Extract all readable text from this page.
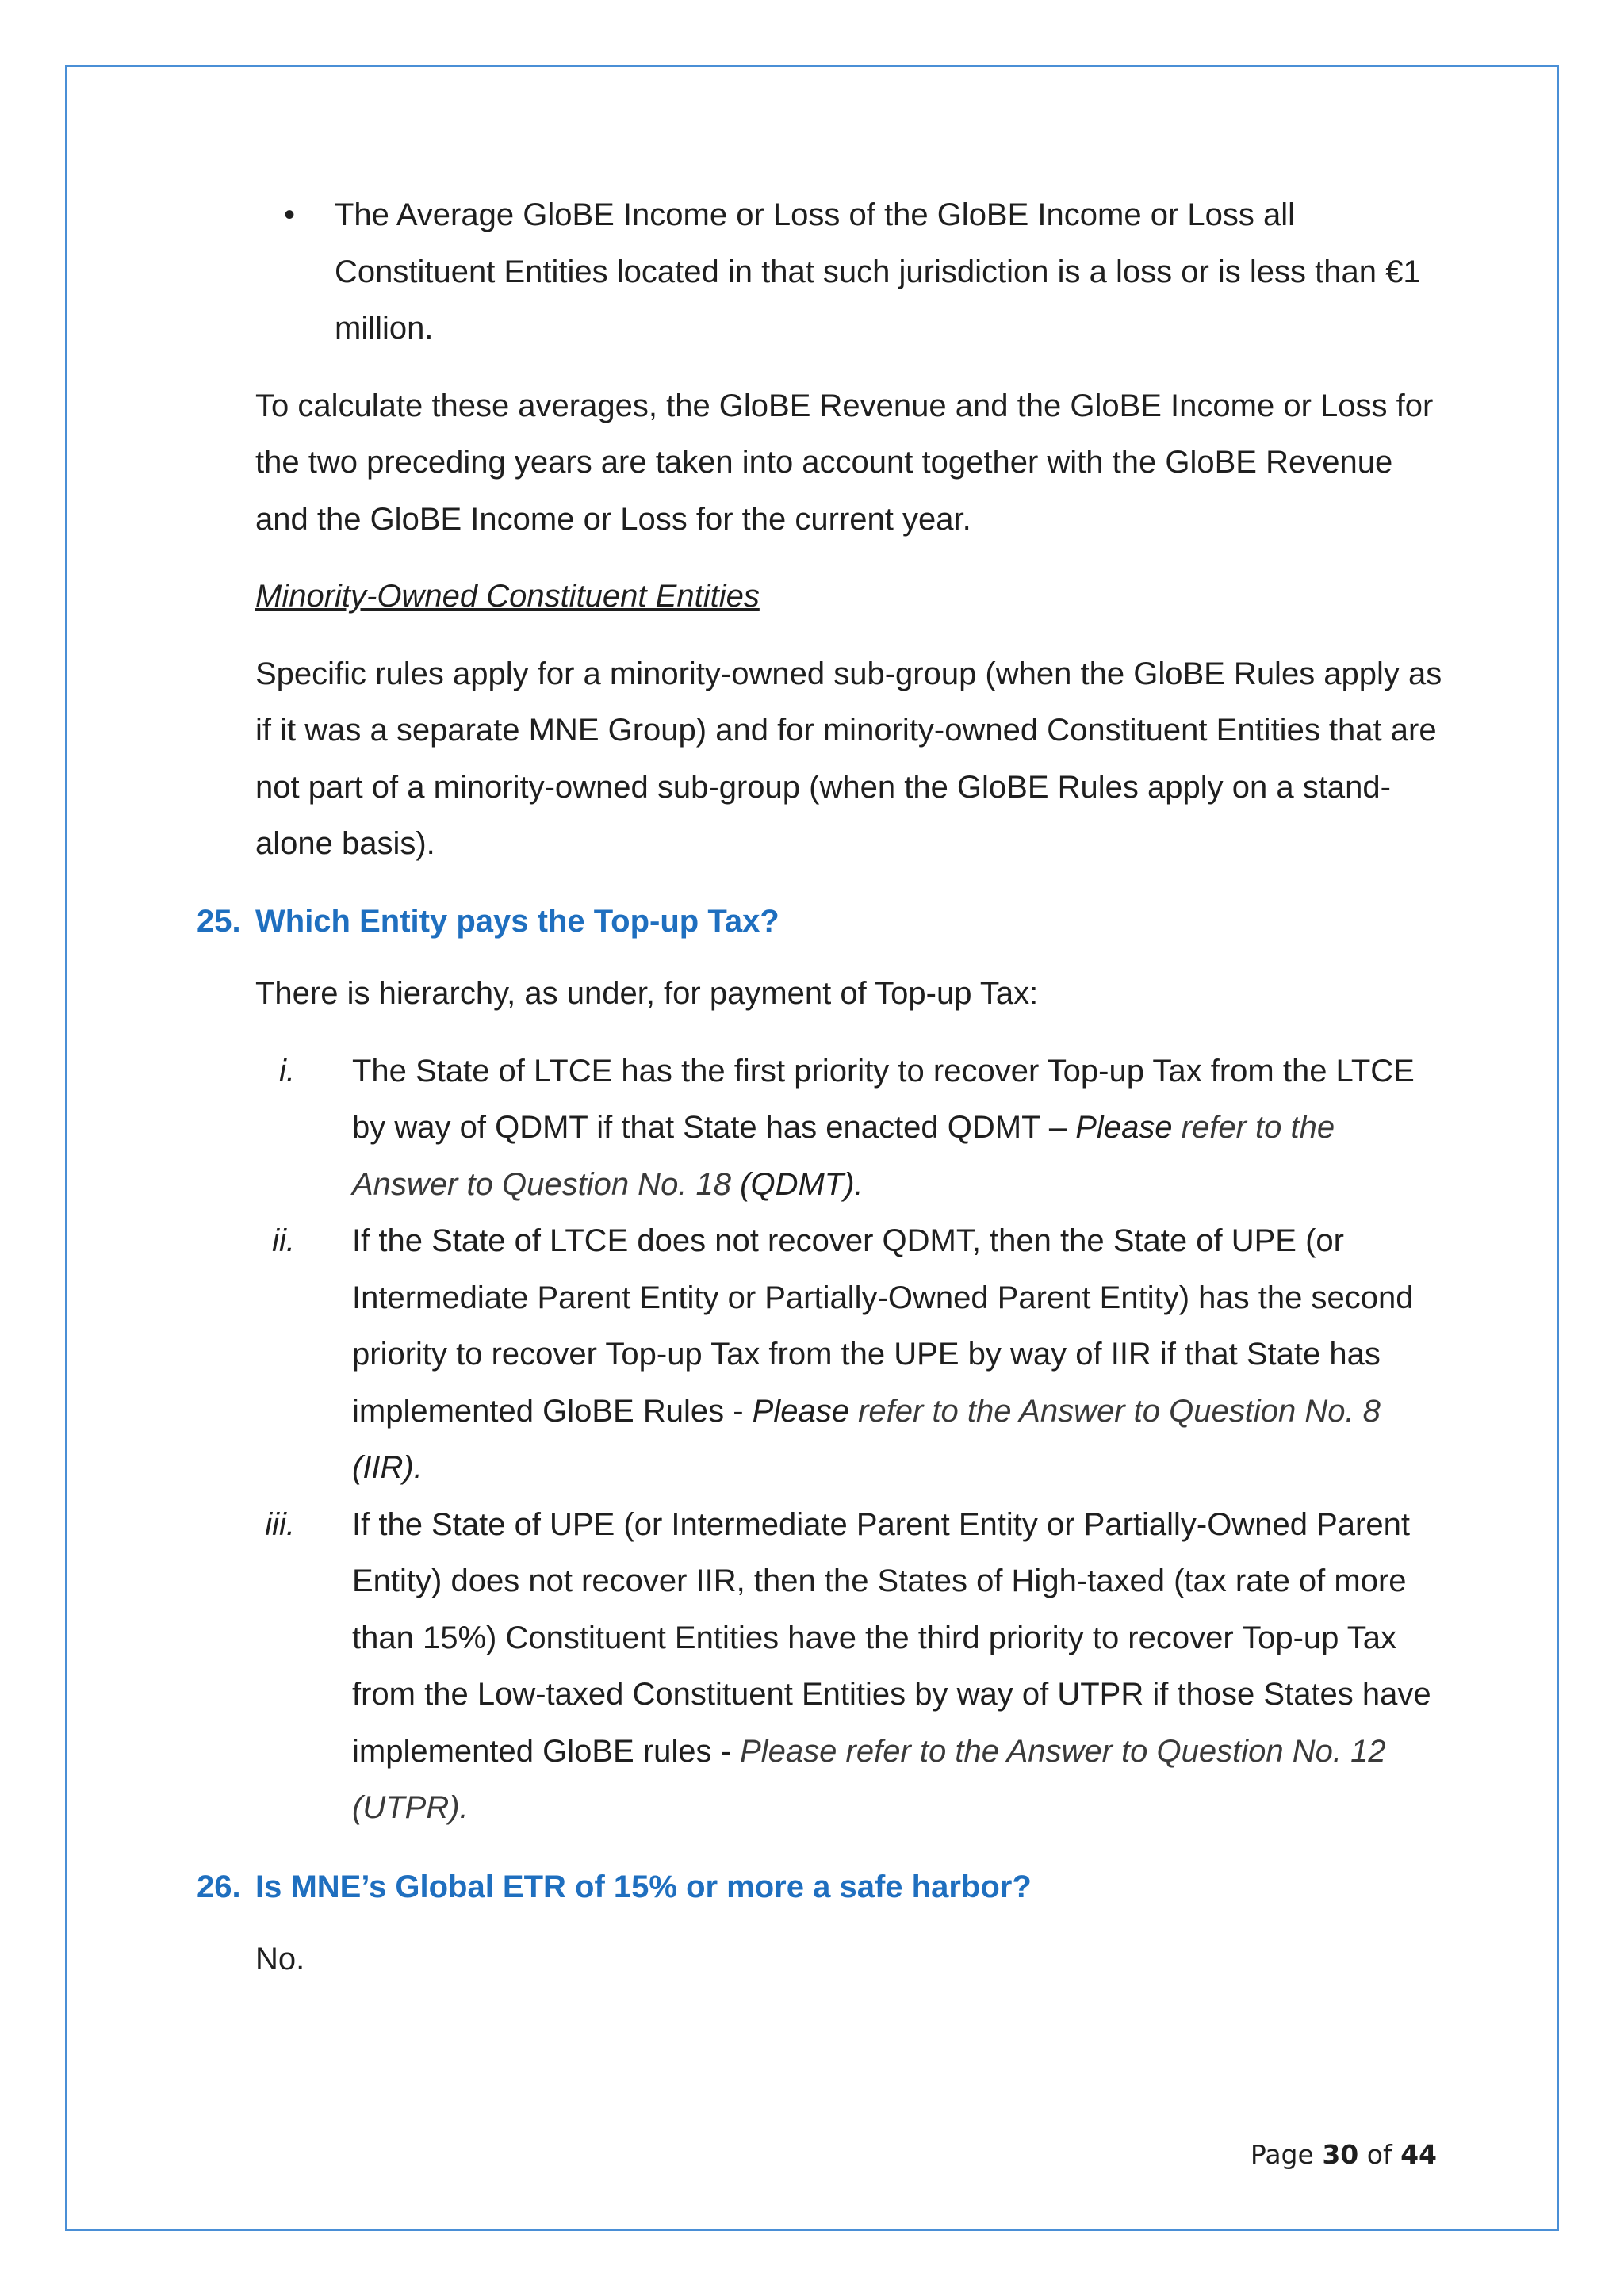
• The Average GloBE Income or Loss of the GloBE Income or Loss all Constituent Entities located in that such jurisdiction is a loss or is less than €1 million.

To calculate these averages, the GloBE Revenue and the GloBE Income or Loss for the two preceding years are taken into account together with the GloBE Revenue and the GloBE Income or Loss for the current year.

Minority-Owned Constituent Entities

Specific rules apply for a minority-owned sub-group (when the GloBE Rules apply as if it was a separate MNE Group) and for minority-owned Constituent Entities that are not part of a minority-owned sub-group (when the GloBE Rules apply on a stand-alone basis).

25. Which Entity pays the Top-up Tax?

There is hierarchy, as under, for payment of Top-up Tax:

i. The State of LTCE has the first priority to recover Top-up Tax from the LTCE by way of QDMT if that State has enacted QDMT – Please refer to the Answer to Question No. 18 (QDMT).
ii. If the State of LTCE does not recover QDMT, then the State of UPE (or Intermediate Parent Entity or Partially-Owned Parent Entity) has the second priority to recover Top-up Tax from the UPE by way of IIR if that State has implemented GloBE Rules - Please refer to the Answer to Question No. 8 (IIR).
iii. If the State of UPE (or Intermediate Parent Entity or Partially-Owned Parent Entity) does not recover IIR, then the States of High-taxed (tax rate of more than 15%) Constituent Entities have the third priority to recover Top-up Tax from the Low-taxed Constituent Entities by way of UTPR if those States have implemented GloBE rules - Please refer to the Answer to Question No. 12 (UTPR).
26. Is MNE’s Global ETR of 15% or more a safe harbor?

No.

Page 30 of 44
